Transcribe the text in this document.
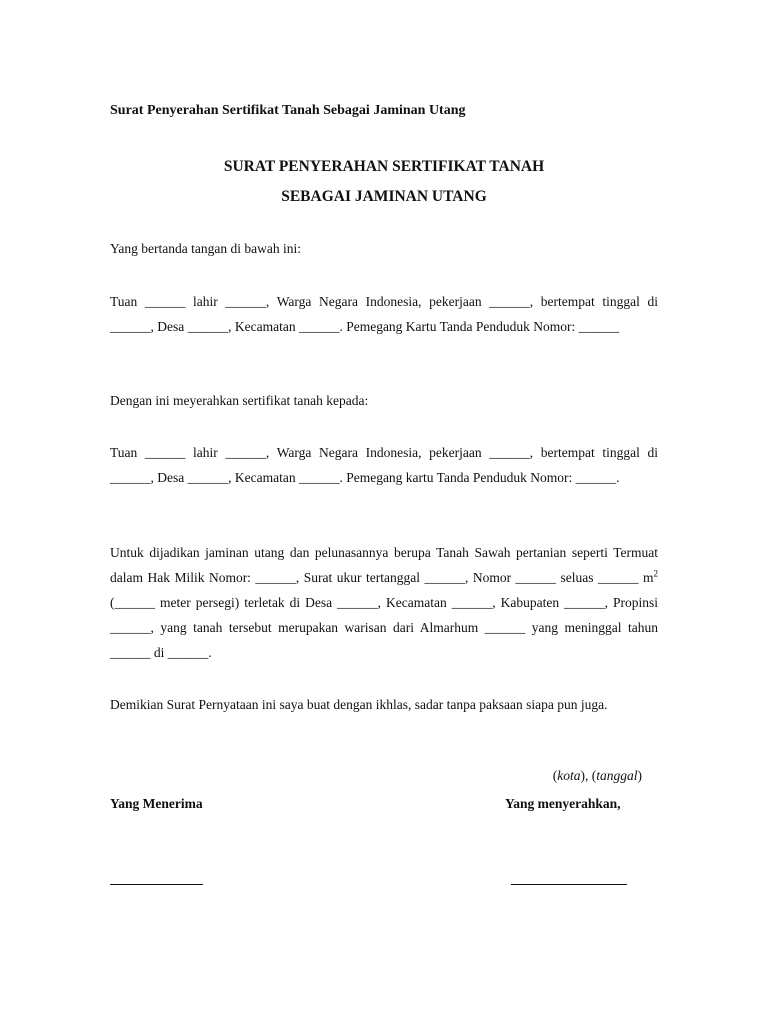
Surat Penyerahan Sertifikat Tanah Sebagai Jaminan Utang
SURAT PENYERAHAN SERTIFIKAT TANAH
SEBAGAI JAMINAN UTANG
Yang bertanda tangan di bawah ini:
Tuan ______ lahir ______, Warga Negara Indonesia, pekerjaan ______, bertempat tinggal di ______, Desa ______, Kecamatan ______. Pemegang Kartu Tanda Penduduk Nomor: ______
Dengan ini meyerahkan sertifikat tanah kepada:
Tuan ______ lahir ______, Warga Negara Indonesia, pekerjaan ______, bertempat tinggal di ______, Desa ______, Kecamatan ______. Pemegang kartu Tanda Penduduk Nomor: ______.
Untuk dijadikan jaminan utang dan pelunasannya berupa Tanah Sawah pertanian seperti Termuat dalam Hak Milik Nomor: ______, Surat ukur tertanggal ______, Nomor ______ seluas ______ $m^2$ (______ meter persegi) terletak di Desa ______, Kecamatan ______, Kabupaten ______, Propinsi ______, yang tanah tersebut merupakan warisan dari Almarhum ______ yang meninggal tahun ______ di ______.
Demikian Surat Pernyataan ini saya buat dengan ikhlas, sadar tanpa paksaan siapa pun juga.
(kota), (tanggal)
Yang Menerima	Yang menyerahkan,
